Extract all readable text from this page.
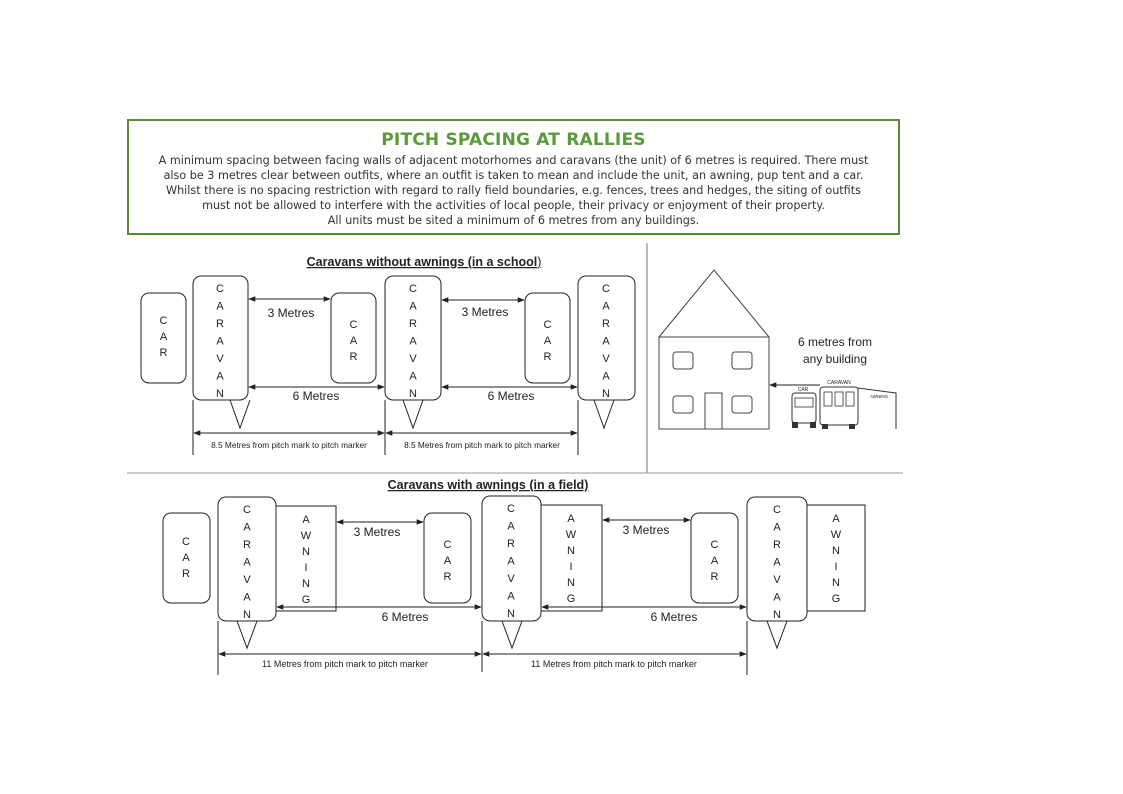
PITCH SPACING AT RALLIES
A minimum spacing between facing walls of adjacent motorhomes and caravans (the unit) of 6 metres is required. There must
also be 3 metres clear between outfits, where an outfit is taken to mean and include the unit, an awning, pup tent and a car.
Whilst there is no spacing restriction with regard to rally field boundaries, e.g. fences, trees and hedges, the siting of outfits
must not be allowed to interfere with the activities of local people, their privacy or enjoyment of their property.
All units must be sited a minimum of 6 metres from any buildings.
Caravans without awnings (in a school)
C
A
R
C
A
R
A
V
A
N
C
A
R
C
A
R
A
V
A
N
C
A
R
C
A
R
A
V
A
N
3 Metres	3 Metres
6 Metres	6 Metres
8.5 Metres from pitch mark to pitch marker	8.5 Metres from pitch mark to pitch marker
6 metres from
any building
CAR
CARAVAN
AWNING
Caravans with awnings (in a field)
C
A
R
C
A
R
A
V
A
N
A
W
N
I
N
G
C
A
R
C
A
R
A
V
A
N
A
W
N
I
N
G
C
A
R
C
A
R
A
V
A
N
A
W
N
I
N
G
3 Metres	3 Metres
6 Metres	6 Metres
11 Metres from pitch mark to pitch marker	11 Metres from pitch mark to pitch marker
